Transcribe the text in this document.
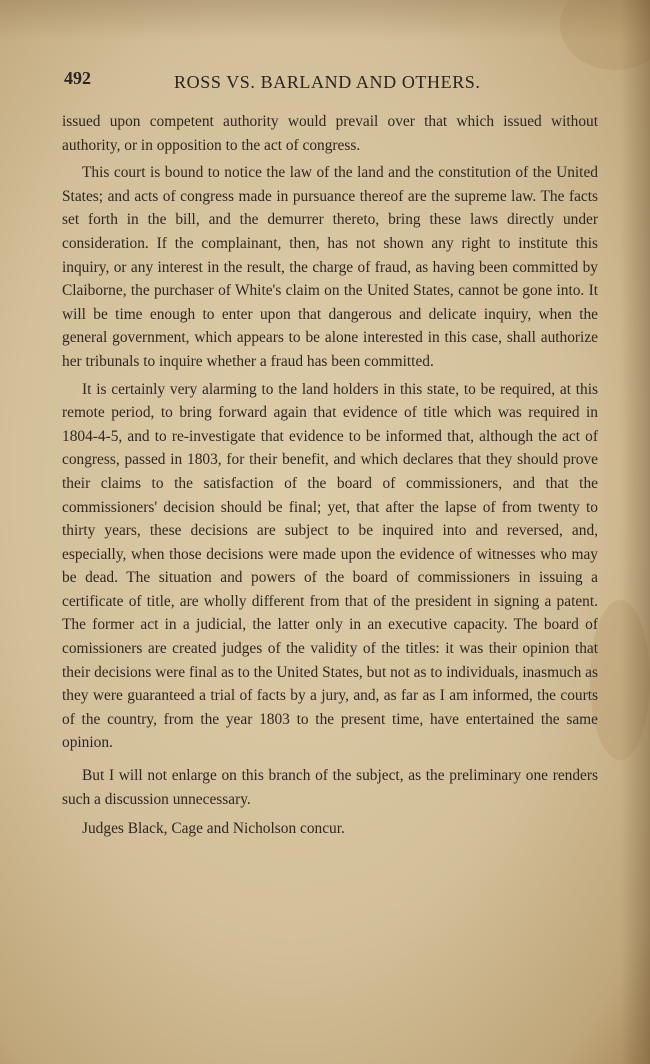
492	ROSS VS. BARLAND AND OTHERS.

issued upon competent authority would prevail over that which issued without authority, or in opposition to the act of congress.

This court is bound to notice the law of the land and the constitution of the United States; and acts of congress made in pursuance thereof are the supreme law. The facts set forth in the bill, and the demurrer thereto, bring these laws directly under consideration. If the complainant, then, has not shown any right to institute this inquiry, or any interest in the result, the charge of fraud, as having been committed by Claiborne, the purchaser of White's claim on the United States, cannot be gone into. It will be time enough to enter upon that dangerous and delicate inquiry, when the general government, which appears to be alone interested in this case, shall authorize her tribunals to inquire whether a fraud has been committed.

It is certainly very alarming to the land holders in this state, to be required, at this remote period, to bring forward again that evidence of title which was required in 1804-4-5, and to re-investigate that evidence to be informed that, although the act of congress, passed in 1803, for their benefit, and which declares that they should prove their claims to the satisfaction of the board of commissioners, and that the commissioners' decision should be final; yet, that after the lapse of from twenty to thirty years, these decisions are subject to be inquired into and reversed, and, especially, when those decisions were made upon the evidence of witnesses who may be dead. The situation and powers of the board of commissioners in issuing a certificate of title, are wholly different from that of the president in signing a patent. The former act in a judicial, the latter only in an executive capacity. The board of comissioners are created judges of the validity of the titles: it was their opinion that their decisions were final as to the United States, but not as to individuals, inasmuch as they were guaranteed a trial of facts by a jury, and, as far as I am informed, the courts of the country, from the year 1803 to the present time, have entertained the same opinion.

But I will not enlarge on this branch of the subject, as the preliminary one renders such a discussion unnecessary.

Judges Black, Cage and Nicholson concur.
